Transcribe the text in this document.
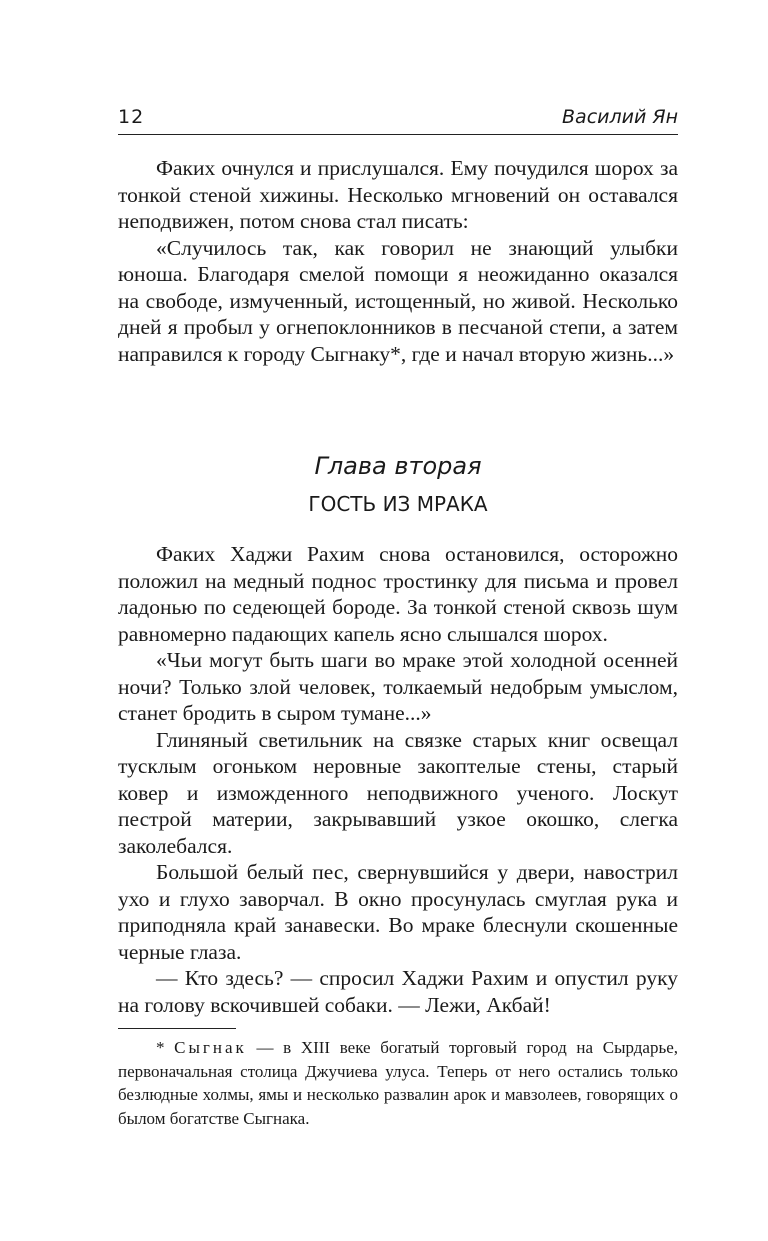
12	Василий Ян

Факих очнулся и прислушался. Ему почудился шорох за тонкой стеной хижины. Несколько мгновений он оставался неподвижен, потом снова стал писать:

«Случилось так, как говорил не знающий улыбки юноша. Благодаря смелой помощи я неожиданно оказался на свободе, измученный, истощенный, но живой. Несколько дней я пробыл у огнепоклонников в песчаной степи, а затем направился к городу Сыгнаку*, где и начал вторую жизнь...»

Глава вторая
ГОСТЬ ИЗ МРАКА

Факих Хаджи Рахим снова остановился, осторожно положил на медный поднос тростинку для письма и провел ладонью по седеющей бороде. За тонкой стеной сквозь шум равномерно падающих капель ясно слышался шорох.

«Чьи могут быть шаги во мраке этой холодной осенней ночи? Только злой человек, толкаемый недобрым умыслом, станет бродить в сыром тумане...»

Глиняный светильник на связке старых книг освещал тусклым огоньком неровные закоптелые стены, старый ковер и изможденного неподвижного ученого. Лоскут пестрой материи, закрывавший узкое окошко, слегка заколебался.

Большой белый пес, свернувшийся у двери, навострил ухо и глухо заворчал. В окно просунулась смуглая рука и приподняла край занавески. Во мраке блеснули скошенные черные глаза.

— Кто здесь? — спросил Хаджи Рахим и опустил руку на голову вскочившей собаки. — Лежи, Акбай!

* Сыгнак — в XIII веке богатый торговый город на Сырдарье, первоначальная столица Джучиева улуса. Теперь от него остались только безлюдные холмы, ямы и несколько развалин арок и мавзолеев, говорящих о былом богатстве Сыгнака.
